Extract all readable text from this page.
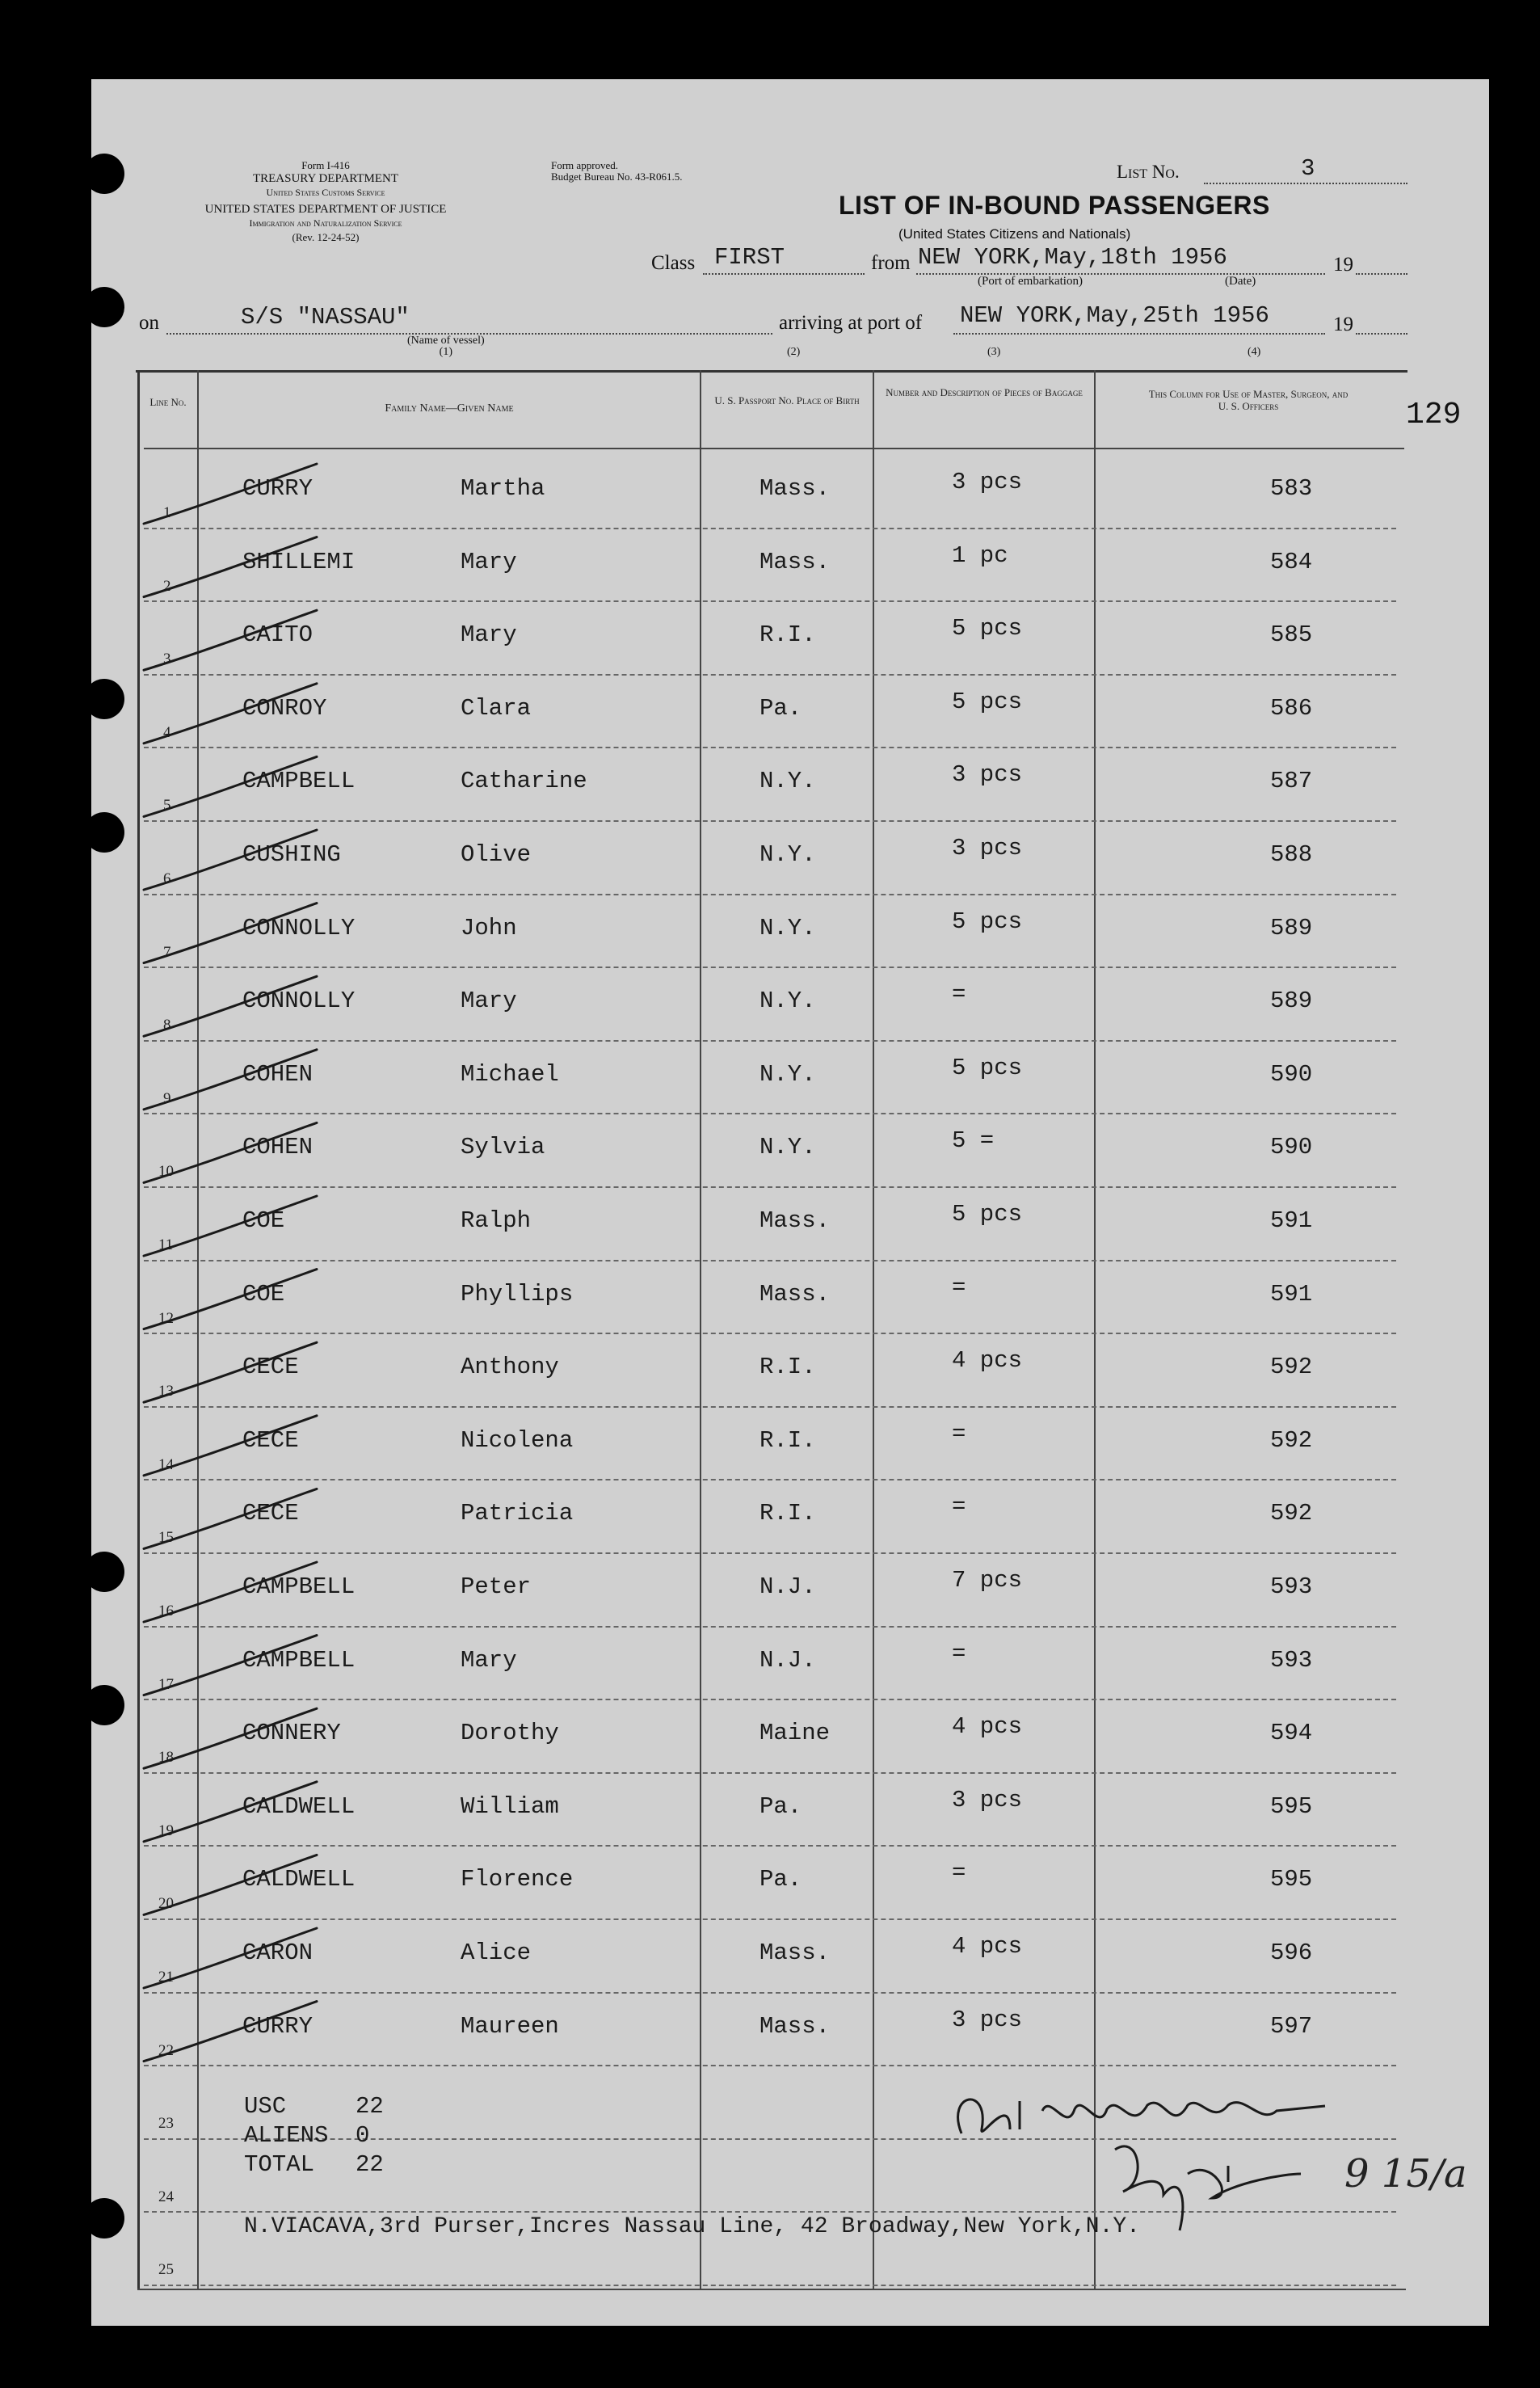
Form I-416
TREASURY DEPARTMENT
United States Customs Service
UNITED STATES DEPARTMENT OF JUSTICE
Immigration and Naturalization Service
(Rev. 12-24-52)
Form approved.
Budget Bureau No. 43-R061.5.	List No.	3
LIST OF IN-BOUND PASSENGERS
(United States Citizens and Nationals)
Class FIRST	from NEW YORK,May,18th 1956	19
(Port of embarkation)	(Date)
on	S/S "NASSAU"	arriving at port of NEW YORK,May,25th 1956	19
(Name of vessel)
(1)	(2)	(3)	(4)
129
Line No.
Family Name—Given Name
U. S. Passport No. Place of Birth
Number and Description of Pieces of Baggage	This Column for Use of Master, Surgeon, and U. S. Officers
1
CURRY	Martha	Mass.	3 pcs	583
2
SHILLEMI	Mary	Mass.	1 pc	584
3
CAITO	Mary	R.I.	5 pcs	585
4
CONROY	Clara	Pa.	5 pcs	586
5
CAMPBELL	Catharine	N.Y.	3 pcs	587
6
CUSHING	Olive	N.Y.	3 pcs	588
7
CONNOLLY	John	N.Y.	5 pcs	589
8
CONNOLLY	Mary	N.Y.	=	589
9
COHEN	Michael	N.Y.	5 pcs	590
10
COHEN	Sylvia	N.Y.	5 =	590
11
COE	Ralph	Mass.	5 pcs	591
12
COE	Phyllips	Mass.	=	591
13
CECE	Anthony	R.I.	4 pcs	592
14
CECE	Nicolena	R.I.	=	592
15
CECE	Patricia	R.I.	=	592
16
CAMPBELL	Peter	N.J.	7 pcs	593
17
CAMPBELL	Mary	N.J.	=	593
18
CONNERY	Dorothy	Maine	4 pcs	594
19
CALDWELL	William	Pa.	3 pcs	595
20
CALDWELL	Florence	Pa.	=	595
21
CARON	Alice	Mass.	4 pcs	596
22
CURRY	Maureen	Mass.	3 pcs	597
23
24
25
USC	22
ALIENS 0
TOTAL 22
N.VIACAVA,3rd Purser,Incres Nassau Line, 42 Broadway,New York,N.Y.
9 15/a
